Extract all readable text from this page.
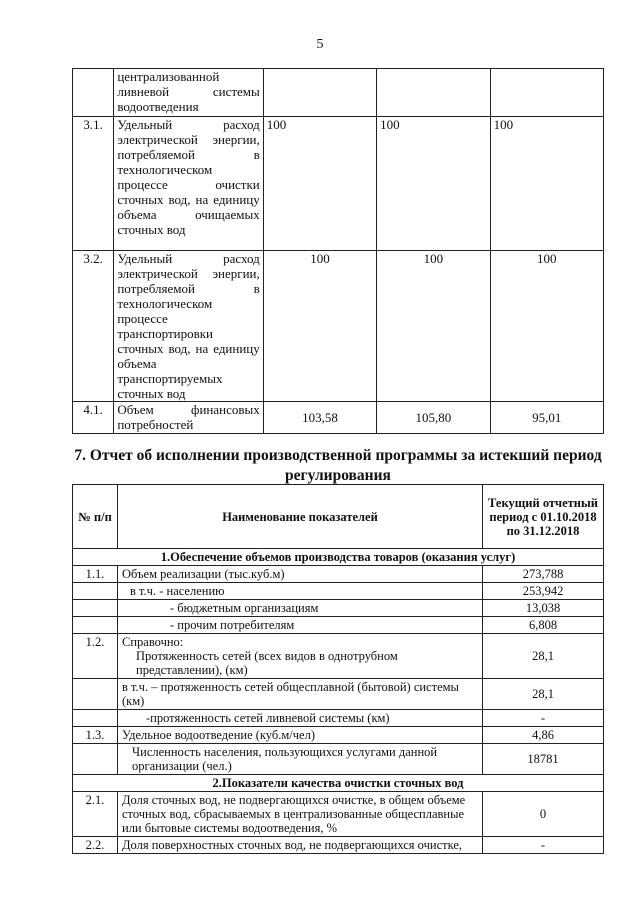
5
	централизованной ливневой системы водоотведения			
3.1.	Удельный расход электрической энергии, потребляемой в технологическом процессе очистки сточных вод, на единицу объема очищаемых сточных вод	100	100	100
3.2.	Удельный расход электрической энергии, потребляемой в технологическом процессе транспортировки сточных вод, на единицу объема транспортируемых сточных вод	100	100	100
4.1.	Объем финансовых потребностей	103,58	105,80	95,01
7. Отчет об исполнении производственной программы за истекший период регулирования
№ п/п	Наименование показателей	Текущий отчетный период с 01.10.2018 по 31.12.2018
1.Обеспечение объемов производства товаров (оказания услуг)		
1.1.	Объем реализации (тыс.куб.м)	273,788
	в т.ч. - населению	253,942
	- бюджетным организациям	13,038
	- прочим потребителям	6,808
1.2.	Справочно:
Протяженность сетей (всех видов в однотрубном представлении), (км)	28,1
	в т.ч. – протяженность сетей общесплавной (бытовой) системы (км)	28,1
	-протяженность сетей ливневой системы (км)	-
1.3.	Удельное водоотведение (куб.м/чел)	4,86
	Численность населения, пользующихся услугами данной организации (чел.)	18781
2.Показатели качества очистки сточных вод		
2.1.	Доля сточных вод, не подвергающихся очистке, в общем объеме сточных вод, сбрасываемых в централизованные общесплавные или бытовые системы водоотведения, %	0
2.2.	Доля поверхностных сточных вод, не подвергающихся очистке,	-
